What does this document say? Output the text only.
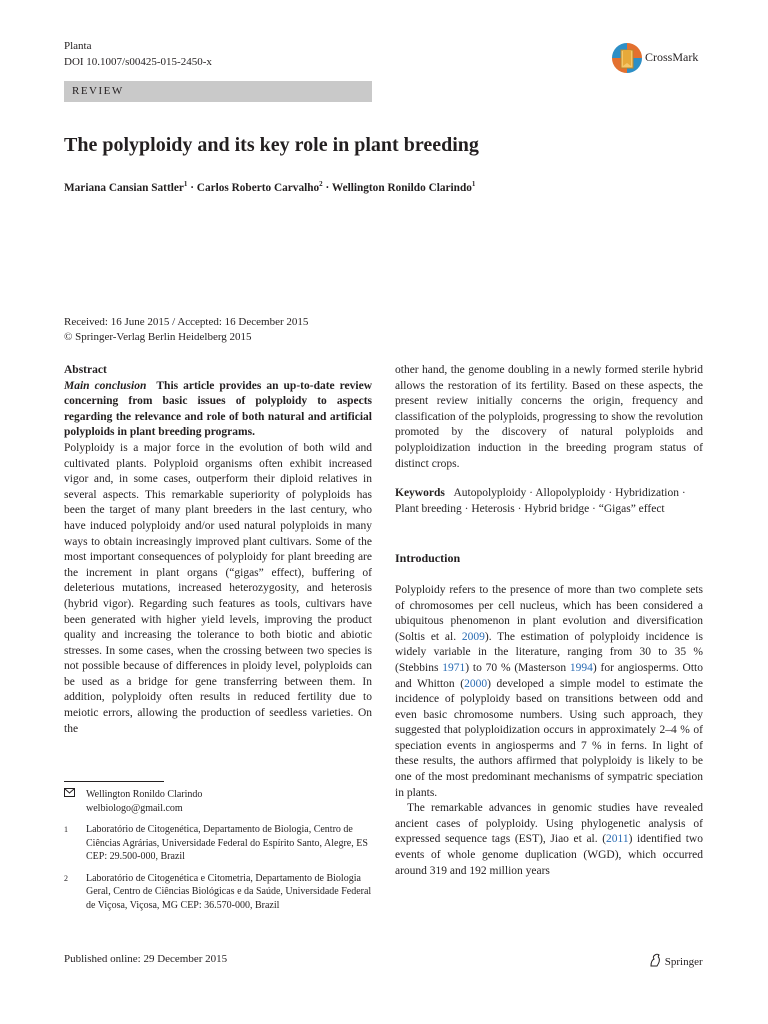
Planta
DOI 10.1007/s00425-015-2450-x	CrossMark
REVIEW
The polyploidy and its key role in plant breeding
Mariana Cansian Sattler$^1$ · Carlos Roberto Carvalho$^2$ · Wellington Ronildo Clarindo$^1$
Received: 16 June 2015 / Accepted: 16 December 2015
© Springer-Verlag Berlin Heidelberg 2015

Abstract

Main conclusion This article provides an up-to-date review concerning from basic issues of polyploidy to aspects regarding the relevance and role of both natural and artificial polyploids in plant breeding programs.

Polyploidy is a major force in the evolution of both wild and cultivated plants. Polyploid organisms often exhibit increased vigor and, in some cases, outperform their diploid relatives in several aspects. This remarkable superiority of polyploids has been the target of many plant breeders in the last century, who have induced polyploidy and/or used natural polyploids in many ways to obtain increasingly improved plant cultivars. Some of the most important consequences of polyploidy for plant breeding are the increment in plant organs (“gigas” effect), buffering of deleterious mutations, increased heterozygosity, and heterosis (hybrid vigor). Regarding such features as tools, cultivars have been generated with higher yield levels, improving the product quality and increasing the tolerance to both biotic and abiotic stresses. In some cases, when the crossing between two species is not possible because of differences in ploidy level, polyploids can be used as a bridge for gene transferring between them. In addition, polyploidy often results in reduced fertility due to meiotic errors, allowing the production of seedless varieties. On the

Wellington Ronildo Clarindo
welbiologo@gmail.com
1	Laboratório de Citogenética, Departamento de Biologia, Centro de Ciências Agrárias, Universidade Federal do Espírito Santo, Alegre, ES CEP: 29.500-000, Brazil
2	Laboratório de Citogenética e Citometria, Departamento de Biologia Geral, Centro de Ciências Biológicas e da Saúde, Universidade Federal de Viçosa, Viçosa, MG CEP: 36.570-000, Brazil

other hand, the genome doubling in a newly formed sterile hybrid allows the restoration of its fertility. Based on these aspects, the present review initially concerns the origin, frequency and classification of the polyploids, progressing to show the revolution promoted by the discovery of natural polyploids and polyploidization induction in the breeding program status of distinct crops.

Keywords Autopolyploidy · Allopolyploidy · Hybridization · Plant breeding · Heterosis · Hybrid bridge · “Gigas” effect

Introduction

Polyploidy refers to the presence of more than two complete sets of chromosomes per cell nucleus, which has been considered a ubiquitous phenomenon in plant evolution and diversification (Soltis et al. 2009). The estimation of polyploidy incidence is widely variable in the literature, ranging from 30 to 35 % (Stebbins 1971) to 70 % (Masterson 1994) for angiosperms. Otto and Whitton (2000) developed a simple model to estimate the incidence of polyploidy based on transitions between odd and even basic chromosome numbers. Using such approach, they suggested that polyploidization occurs in approximately 2–4 % of speciation events in angiosperms and 7 % in ferns. In light of these results, the authors affirmed that polyploidy is likely to be one of the most predominant mechanisms of sympatric speciation in plants.

The remarkable advances in genomic studies have revealed ancient cases of polyploidy. Using phylogenetic analysis of expressed sequence tags (EST), Jiao et al. (2011) identified two events of whole genome duplication (WGD), which occurred around 319 and 192 million years

Published online: 29 December 2015	Springer
